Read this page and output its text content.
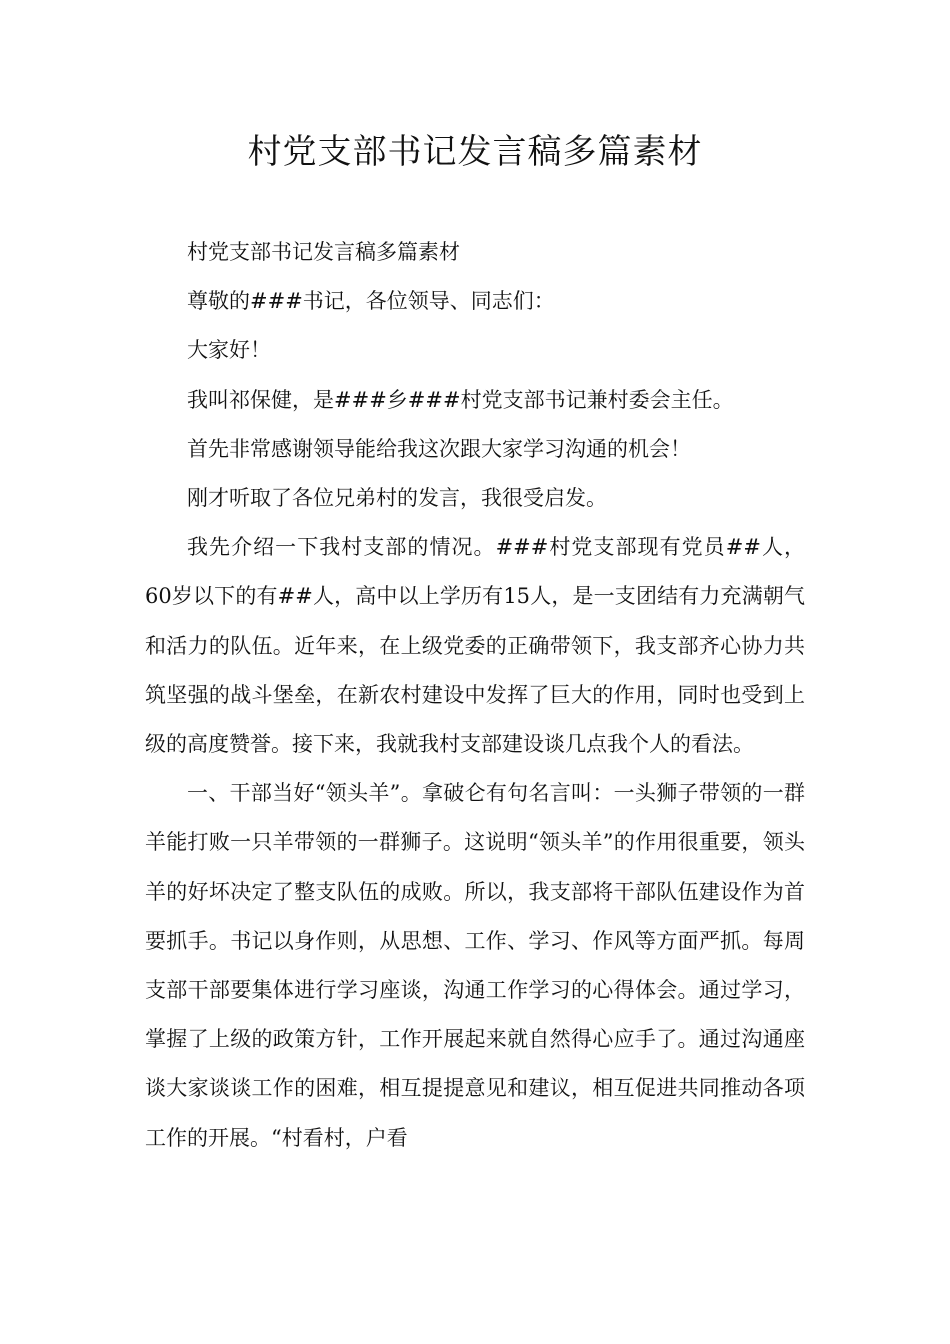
村党支部书记发言稿多篇素材

村党支部书记发言稿多篇素材

尊敬的###书记，各位领导、同志们：

大家好！

我叫祁保健，是###乡###村党支部书记兼村委会主任。

首先非常感谢领导能给我这次跟大家学习沟通的机会！

刚才听取了各位兄弟村的发言，我很受启发。

我先介绍一下我村支部的情况。###村党支部现有党员##人，60岁以下的有##人，高中以上学历有15人，是一支团结有力充满朝气和活力的队伍。近年来，在上级党委的正确带领下，我支部齐心协力共筑坚强的战斗堡垒，在新农村建设中发挥了巨大的作用，同时也受到上级的高度赞誉。接下来，我就我村支部建设谈几点我个人的看法。

一、干部当好“领头羊”。拿破仑有句名言叫：一头狮子带领的一群羊能打败一只羊带领的一群狮子。这说明“领头羊”的作用很重要，领头羊的好坏决定了整支队伍的成败。所以，我支部将干部队伍建设作为首要抓手。书记以身作则，从思想、工作、学习、作风等方面严抓。每周支部干部要集体进行学习座谈，沟通工作学习的心得体会。通过学习，掌握了上级的政策方针，工作开展起来就自然得心应手了。通过沟通座谈大家谈谈工作的困难，相互提提意见和建议，相互促进共同推动各项工作的开展。“村看村，户看
